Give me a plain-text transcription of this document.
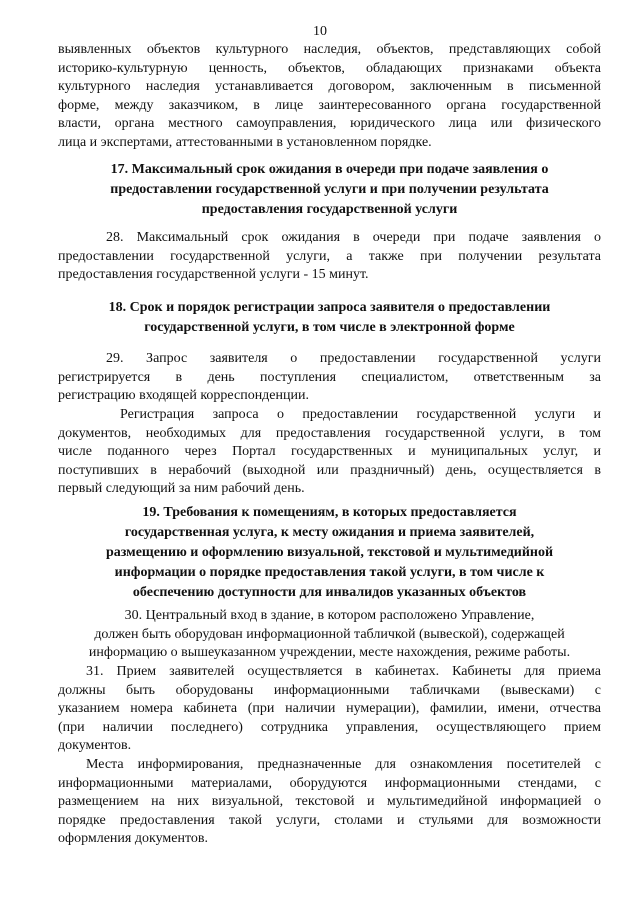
10
выявленных объектов культурного наследия, объектов, представляющих собой
историко-культурную ценность, объектов, обладающих признаками объекта
культурного наследия устанавливается договором, заключенным в письменной
форме, между заказчиком, в лице заинтересованного органа государственной
власти, органа местного самоуправления, юридического лица или физического
лица и экспертами, аттестованными в установленном порядке.
17. Максимальный срок ожидания в очереди при подаче заявления о
предоставлении государственной услуги и при получении результата
предоставления государственной услуги
28. Максимальный срок ожидания в очереди при подаче заявления о
предоставлении государственной услуги, а также при получении результата
предоставления государственной услуги - 15 минут.
18. Срок и порядок регистрации запроса заявителя о предоставлении
государственной услуги, в том числе в электронной форме
29. Запрос заявителя о предоставлении государственной услуги
регистрируется в день поступления специалистом, ответственным за
регистрацию входящей корреспонденции.
Регистрация запроса о предоставлении государственной услуги и
документов, необходимых для предоставления государственной услуги, в том
числе поданного через Портал государственных и муниципальных услуг, и
поступивших в нерабочий (выходной или праздничный) день, осуществляется в
первый следующий за ним рабочий день.
19. Требования к помещениям, в которых предоставляется
государственная услуга, к месту ожидания и приема заявителей,
размещению и оформлению визуальной, текстовой и мультимедийной
информации о порядке предоставления такой услуги, в том числе к
обеспечению доступности для инвалидов указанных объектов
30. Центральный вход в здание, в котором расположено Управление,
должен быть оборудован информационной табличкой (вывеской), содержащей
информацию о вышеуказанном учреждении, месте нахождения, режиме работы.
31. Прием заявителей осуществляется в кабинетах. Кабинеты для приема
должны быть оборудованы информационными табличками (вывесками) с
указанием номера кабинета (при наличии нумерации), фамилии, имени, отчества
(при наличии последнего) сотрудника управления, осуществляющего прием
документов.
Места информирования, предназначенные для ознакомления посетителей с
информационными материалами, оборудуются информационными стендами, с
размещением на них визуальной, текстовой и мультимедийной информацией о
порядке предоставления такой услуги, столами и стульями для возможности
оформления документов.
